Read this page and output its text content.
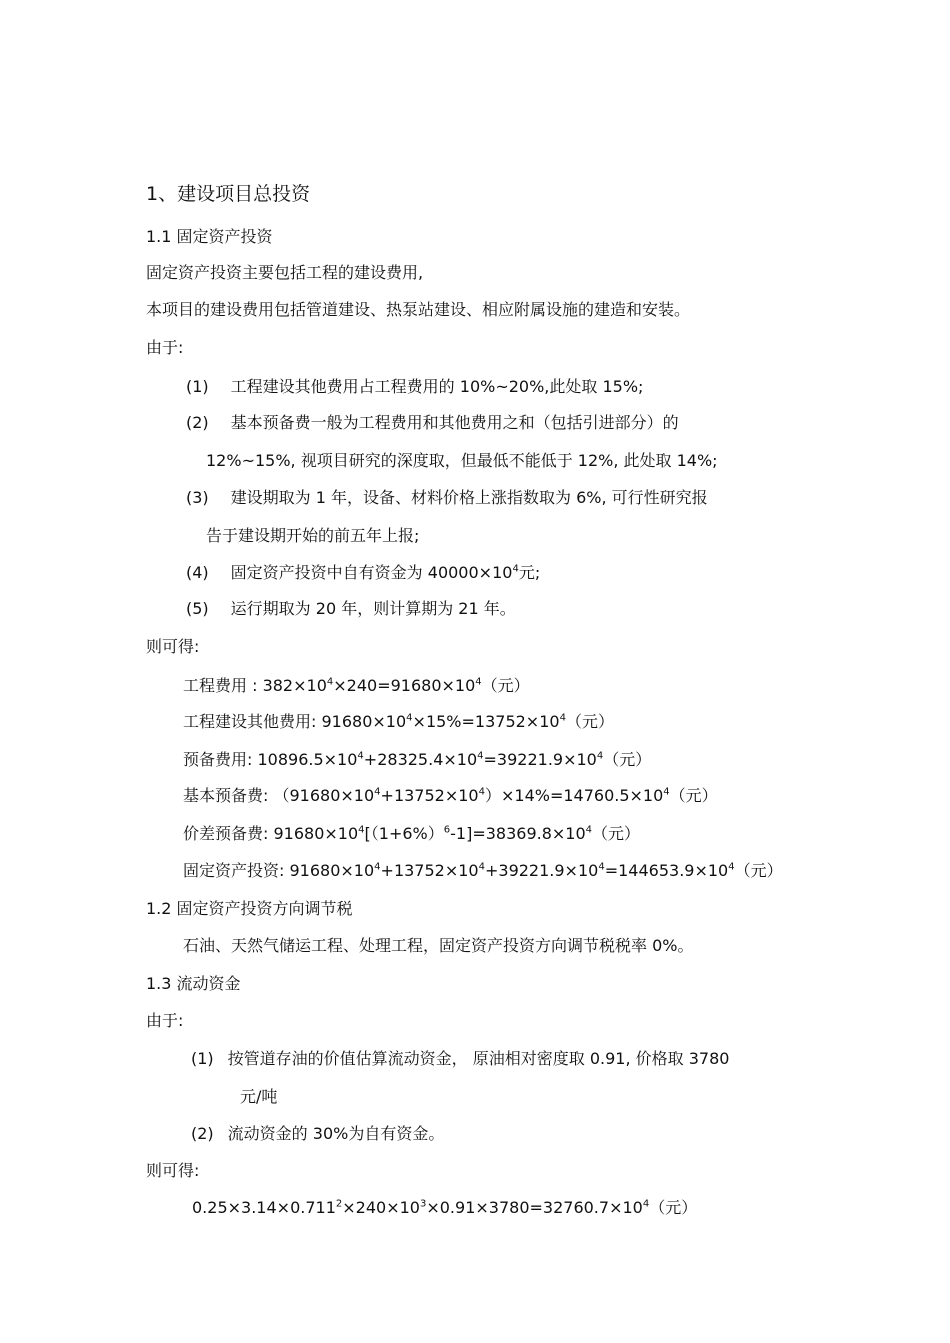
1、建设项目总投资
1.1 固定资产投资
固定资产投资主要包括工程的建设费用,
本项目的建设费用包括管道建设、热泵站建设、相应附属设施的建造和安装。
由于:
(1) 工程建设其他费用占工程费用的 10%~20%,此处取 15%;
(2) 基本预备费一般为工程费用和其他费用之和（包括引进部分）的
12%~15%, 视项目研究的深度取，但最低不能低于 12%, 此处取 14%;
(3) 建设期取为 1 年，设备、材料价格上涨指数取为 6%, 可行性研究报
告于建设期开始的前五年上报;
(4) 固定资产投资中自有资金为 $40000\times 10^4$元;
(5) 运行期取为 20 年，则计算期为 21 年。
则可得:
工程费用 : $382\times 10^4\times 240=91680\times 10^4$（元）
工程建设其他费用: $91680\times 10^4\times 15\%=13752\times 10^4$（元）
预备费用: $10896.5\times 10^4+28325.4\times 10^4=39221.9\times 10^4$（元）
基本预备费: $(91680\times 10^4+13752\times 10^4)\times 14\%=14760.5\times 10^4$（元）
价差预备费: $91680\times 10^4[(1+6\%)^6-1]=38369.8\times 10^4$（元）
固定资产投资: $91680\times 10^4+13752\times 10^4+39221.9\times 10^4=144653.9\times 10^4$（元）
1.2 固定资产投资方向调节税
石油、天然气储运工程、处理工程，固定资产投资方向调节税税率 0%。
1.3 流动资金
由于:
(1) 按管道存油的价值估算流动资金， 原油相对密度取 0.91, 价格取 3780
元/吨
(2) 流动资金的 30%为自有资金。
则可得:
$0.25\times 3.14\times 0.711^2\times 240\times 10^3\times 0.91\times 3780=32760.7\times 10^4$（元）
